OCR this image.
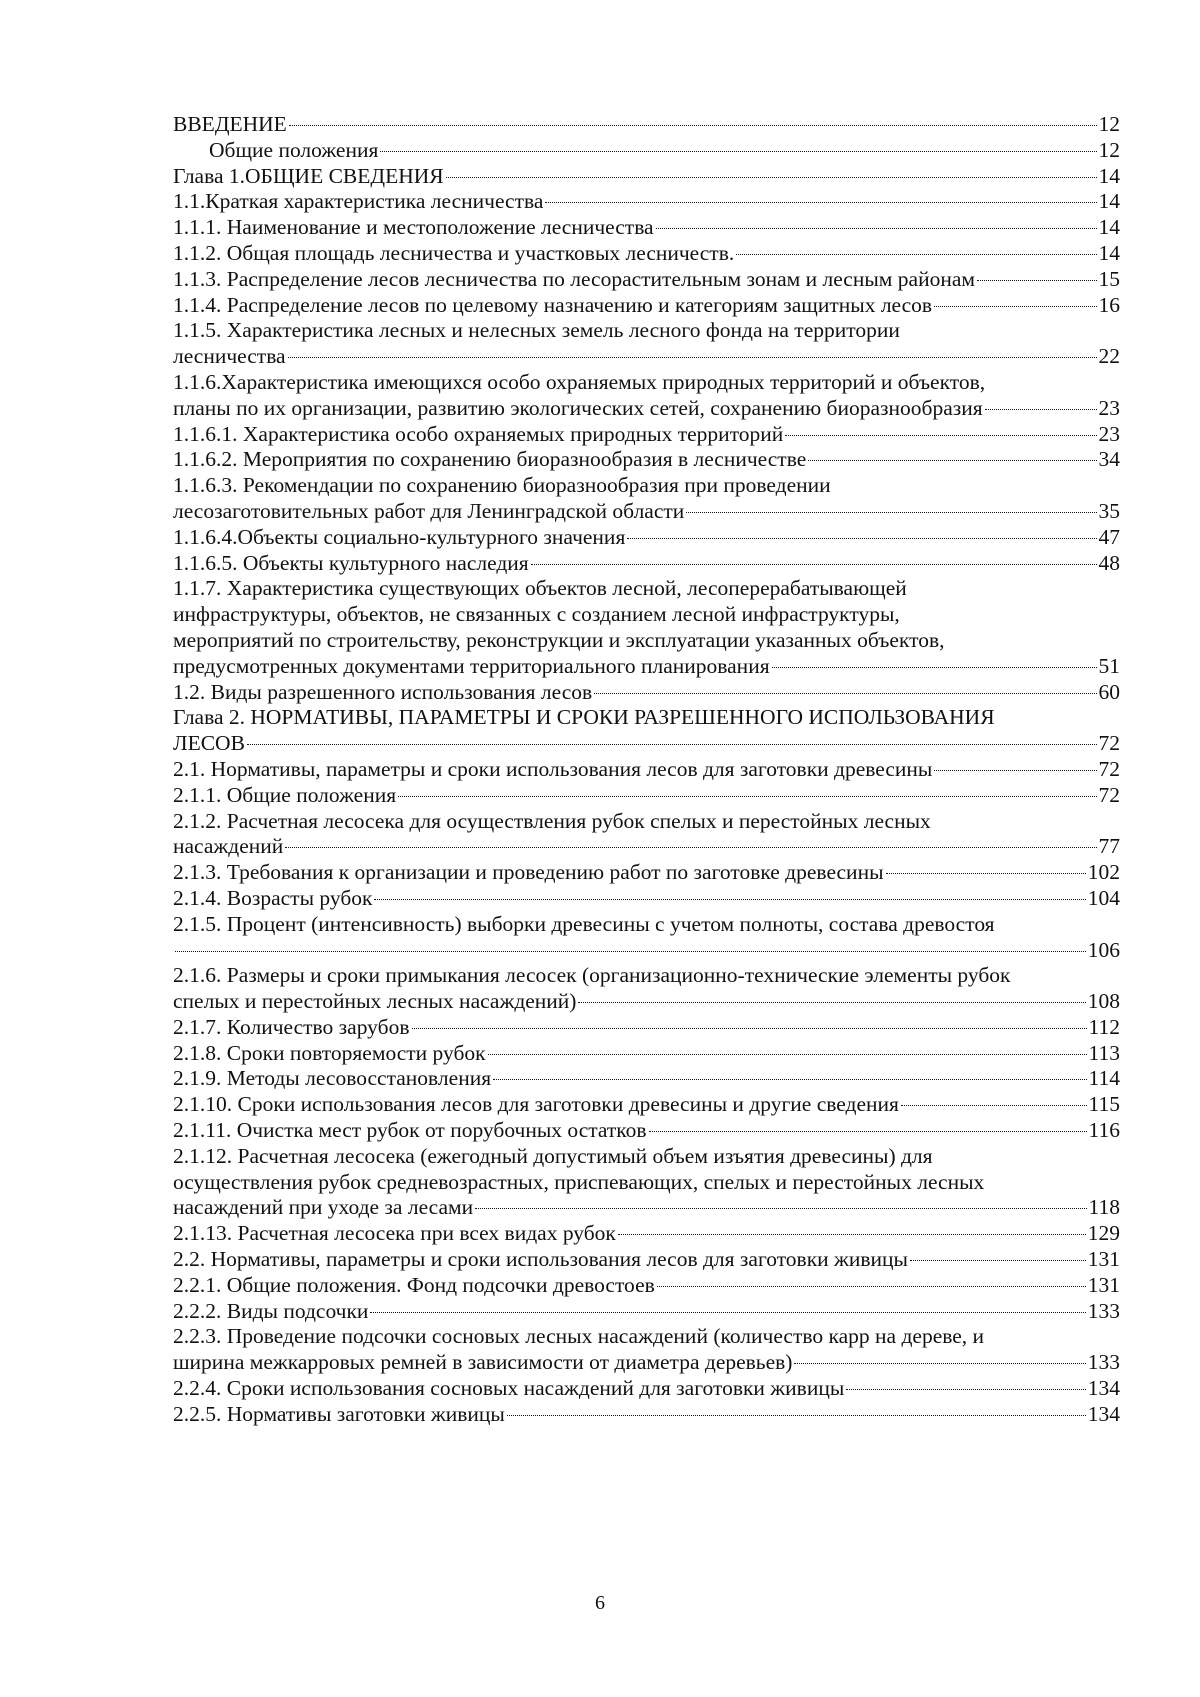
ВВЕДЕНИЕ	12
Общие положения	12
Глава 1.ОБЩИЕ СВЕДЕНИЯ	14
1.1.Краткая характеристика лесничества	14
1.1.1. Наименование и местоположение лесничества	14
1.1.2. Общая площадь лесничества и участковых лесничеств.	14
1.1.3. Распределение лесов лесничества по лесорастительным зонам и лесным районам	15
1.1.4. Распределение лесов по целевому назначению и категориям защитных лесов	16
1.1.5. Характеристика лесных и нелесных земель лесного фонда на территории
лесничества	22
1.1.6.Характеристика имеющихся особо охраняемых природных территорий и объектов,
планы по их организации, развитию экологических сетей, сохранению биоразнообразия	23
1.1.6.1. Характеристика особо охраняемых природных территорий	23
1.1.6.2. Мероприятия по сохранению биоразнообразия в лесничестве	34
1.1.6.3. Рекомендации по сохранению биоразнообразия при проведении
лесозаготовительных работ для Ленинградской области	35
1.1.6.4.Объекты социально-культурного значения	47
1.1.6.5. Объекты культурного наследия	48
1.1.7. Характеристика существующих объектов лесной, лесоперерабатывающей
инфраструктуры, объектов, не связанных с созданием лесной инфраструктуры,
мероприятий по строительству, реконструкции и эксплуатации указанных объектов,
предусмотренных документами территориального планирования	51
1.2. Виды разрешенного использования лесов	60
Глава 2. НОРМАТИВЫ, ПАРАМЕТРЫ И СРОКИ РАЗРЕШЕННОГО ИСПОЛЬЗОВАНИЯ
ЛЕСОВ	72
2.1. Нормативы, параметры и сроки использования лесов для заготовки древесины	72
2.1.1. Общие положения	72
2.1.2. Расчетная лесосека для осуществления рубок спелых и перестойных лесных
насаждений	77
2.1.3. Требования к организации и проведению работ по заготовке древесины	102
2.1.4. Возрасты рубок	104
2.1.5. Процент (интенсивность) выборки древесины с учетом полноты, состава древостоя
106
2.1.6. Размеры и сроки примыкания лесосек (организационно-технические элементы рубок
спелых и перестойных лесных насаждений)	108
2.1.7. Количество зарубов	112
2.1.8. Сроки повторяемости рубок	113
2.1.9. Методы лесовосстановления	114
2.1.10. Сроки использования лесов для заготовки древесины и другие сведения	115
2.1.11. Очистка мест рубок от порубочных остатков	116
2.1.12. Расчетная лесосека (ежегодный допустимый объем изъятия древесины) для
осуществления рубок средневозрастных, приспевающих, спелых и перестойных лесных
насаждений при уходе за лесами	118
2.1.13. Расчетная лесосека при всех видах рубок	129
2.2. Нормативы, параметры и сроки использования лесов для заготовки живицы	131
2.2.1. Общие положения. Фонд подсочки древостоев	131
2.2.2. Виды подсочки	133
2.2.3. Проведение подсочки сосновых лесных насаждений (количество карр на дереве, и
ширина межкарровых ремней в зависимости от диаметра деревьев)	133
2.2.4. Сроки использования сосновых насаждений для заготовки живицы	134
2.2.5. Нормативы заготовки живицы	134
6
